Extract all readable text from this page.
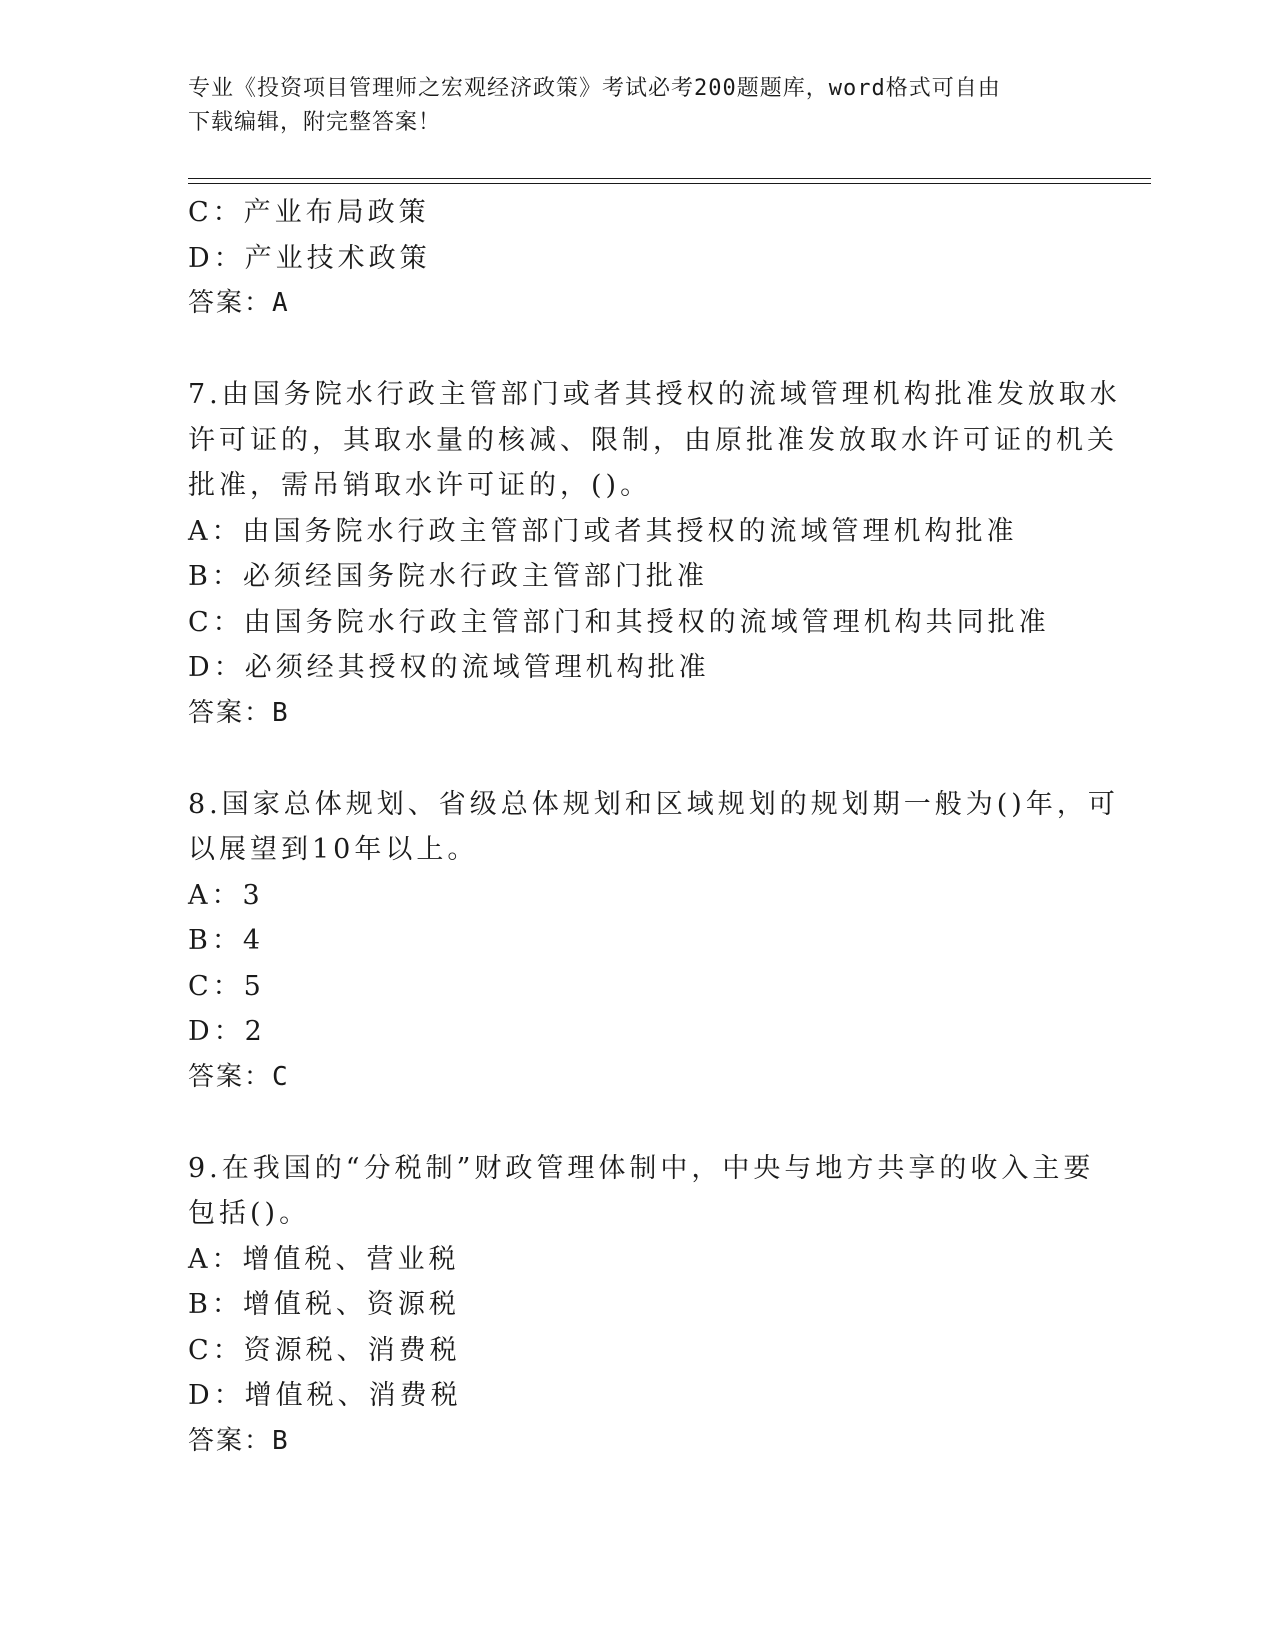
专业《投资项目管理师之宏观经济政策》考试必考200题题库，word格式可自由
下载编辑，附完整答案！
C：产业布局政策
D：产业技术政策
答案：A
7.由国务院水行政主管部门或者其授权的流域管理机构批准发放取水
许可证的，其取水量的核减、限制，由原批准发放取水许可证的机关
批准，需吊销取水许可证的，()。
A：由国务院水行政主管部门或者其授权的流域管理机构批准
B：必须经国务院水行政主管部门批准
C：由国务院水行政主管部门和其授权的流域管理机构共同批准
D：必须经其授权的流域管理机构批准
答案：B
8.国家总体规划、省级总体规划和区域规划的规划期一般为()年，可
以展望到10年以上。
A：3
B：4
C：5
D：2
答案：C
9.在我国的“分税制”财政管理体制中，中央与地方共享的收入主要
包括()。
A：增值税、营业税
B：增值税、资源税
C：资源税、消费税
D：增值税、消费税
答案：B
